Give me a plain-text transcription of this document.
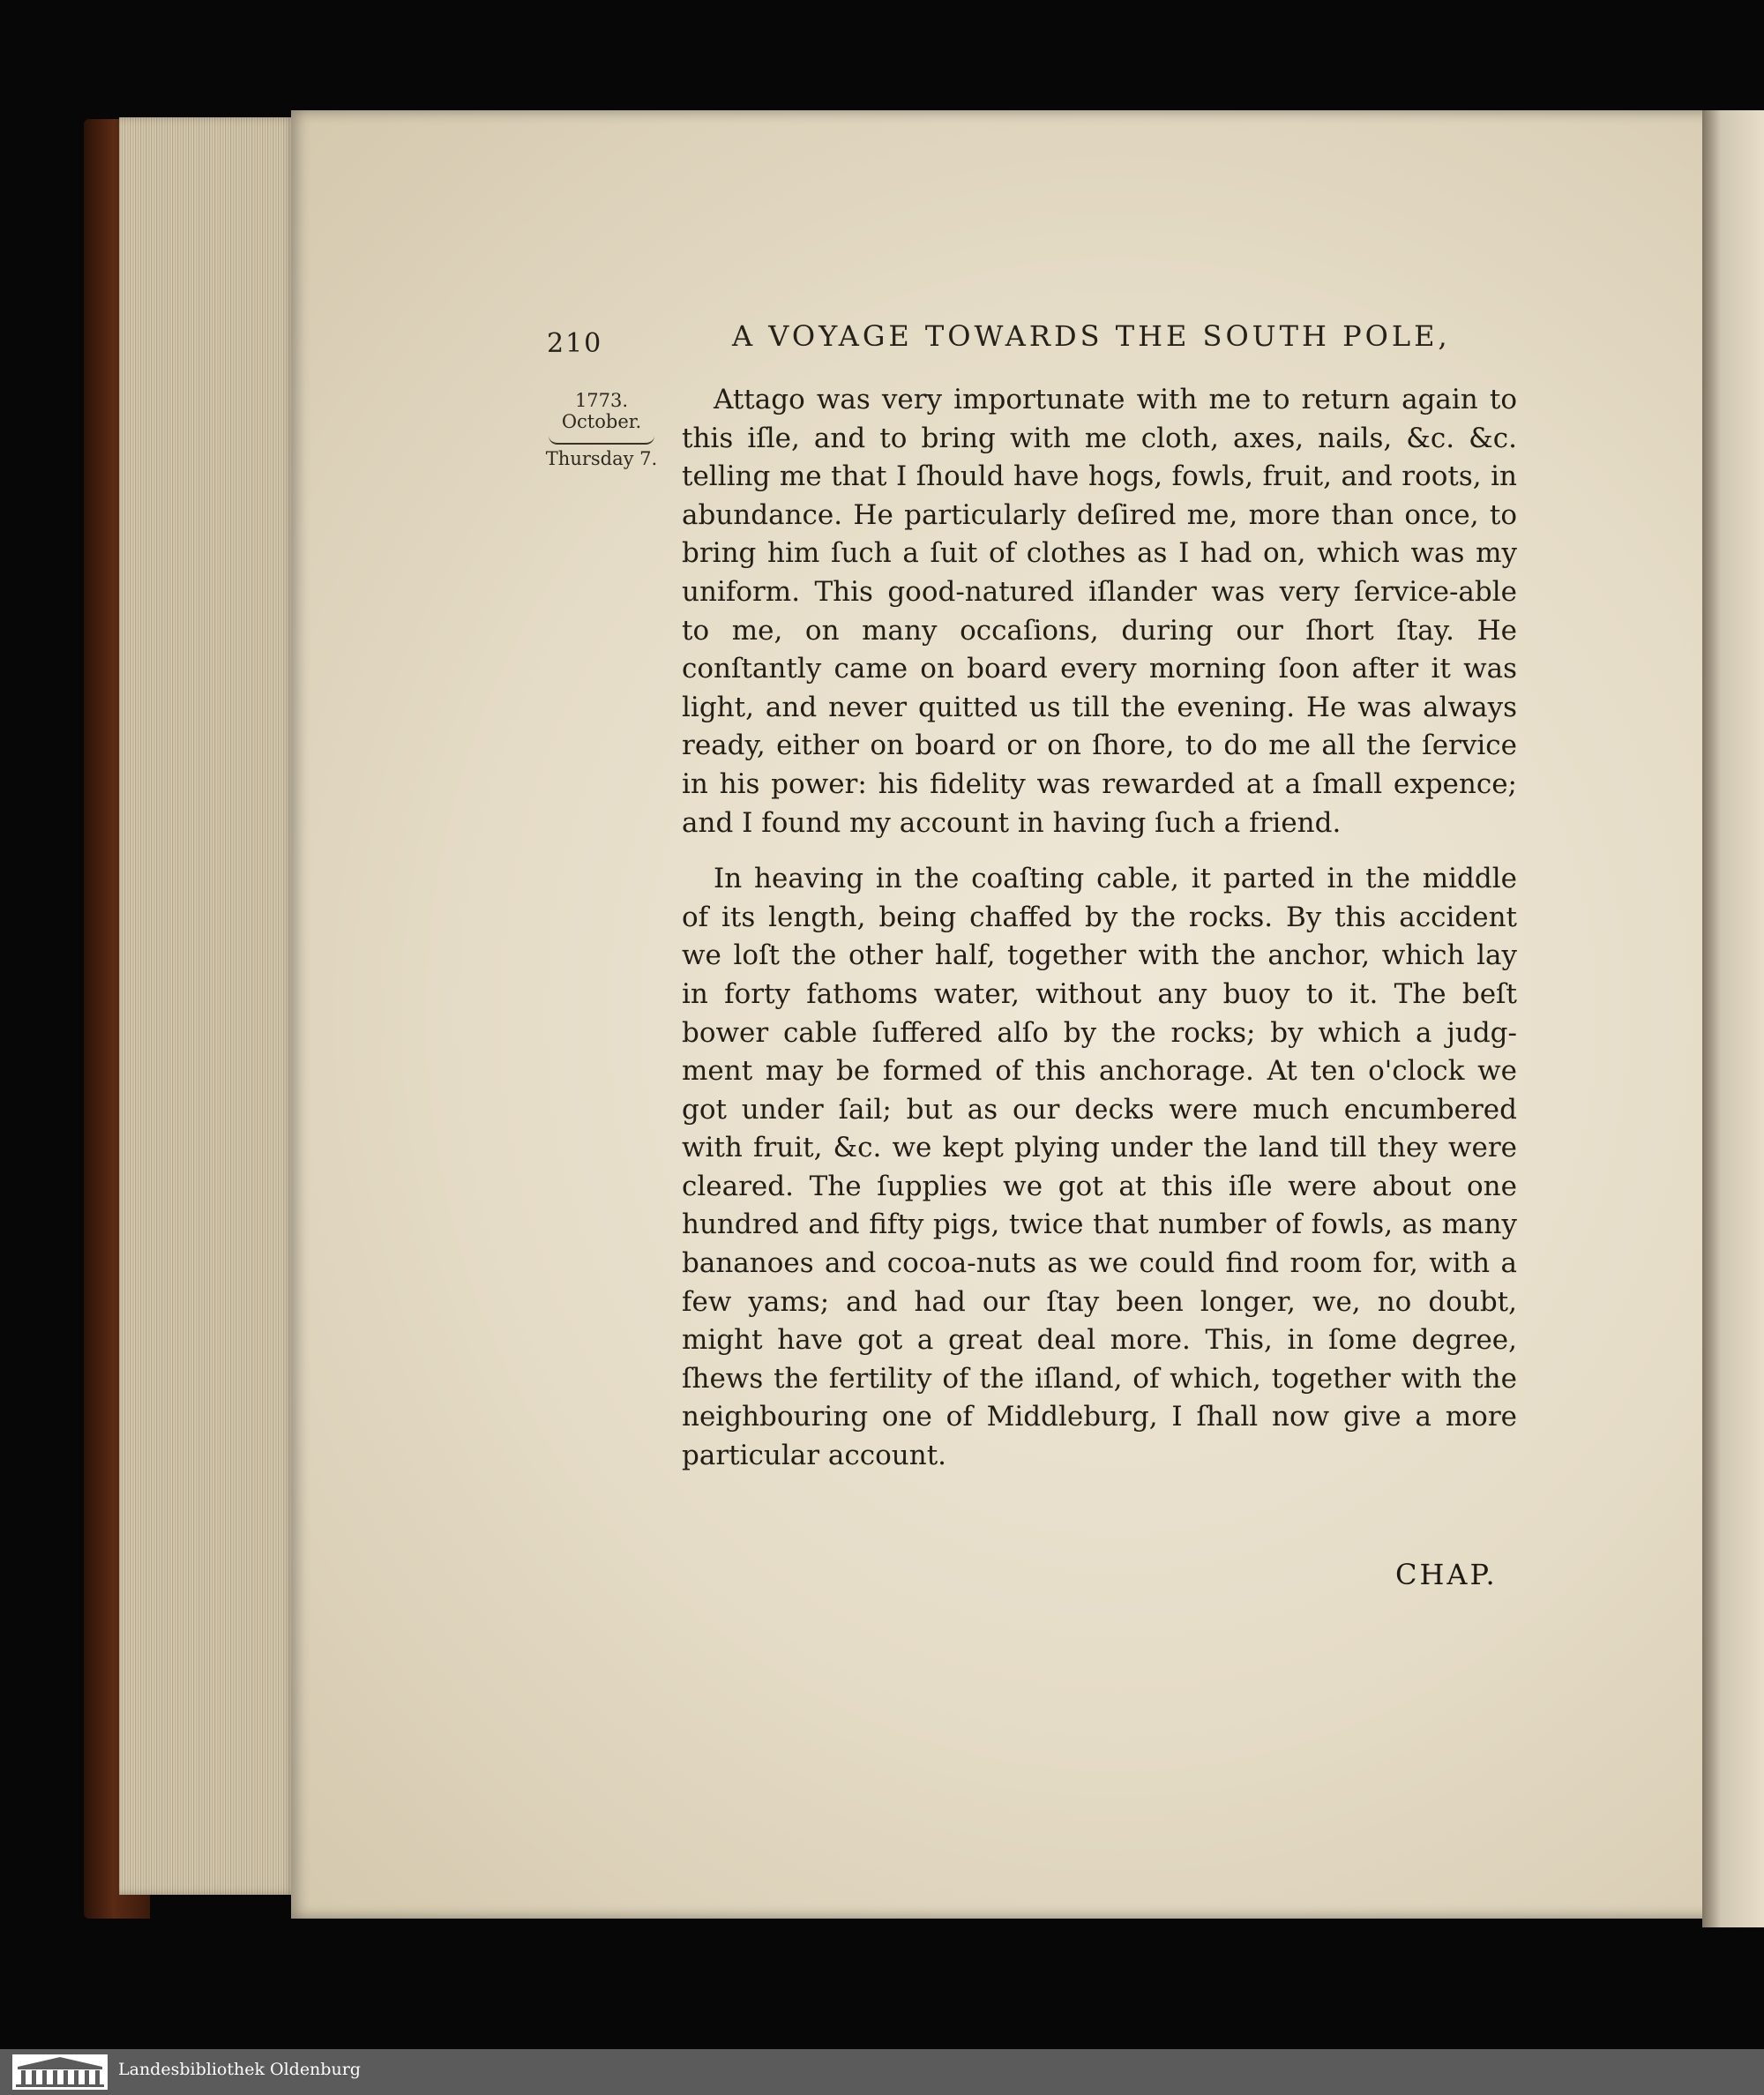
210	A VOYAGE TOWARDS THE SOUTH POLE,
1773.
October.
Thursday 7.

Attago was very importunate with me to return again to this iſle, and to bring with me cloth, axes, nails, &c. &c. telling me that I ſhould have hogs, fowls, fruit, and roots, in abundance. He particularly deſired me, more than once, to bring him ſuch a ſuit of clothes as I had on, which was my uniform. This good-natured iſlander was very ſervice-able to me, on many occaſions, during our ſhort ſtay. He conſtantly came on board every morning ſoon after it was light, and never quitted us till the evening. He was always ready, either on board or on ſhore, to do me all the ſervice in his power: his fidelity was rewarded at a ſmall expence; and I found my account in having ſuch a friend.

In heaving in the coaſting cable, it parted in the middle of its length, being chaffed by the rocks. By this accident we loſt the other half, together with the anchor, which lay in forty fathoms water, without any buoy to it. The beſt bower cable ſuffered alſo by the rocks; by which a judg-ment may be formed of this anchorage. At ten o'clock we got under ſail; but as our decks were much encumbered with fruit, &c. we kept plying under the land till they were cleared. The ſupplies we got at this iſle were about one hundred and fifty pigs, twice that number of fowls, as many bananoes and cocoa-nuts as we could find room for, with a few yams; and had our ſtay been longer, we, no doubt, might have got a great deal more. This, in ſome degree, ſhews the fertility of the iſland, of which, together with the neighbouring one of Middleburg, I ſhall now give a more particular account.

CHAP.
Landesbibliothek Oldenburg
